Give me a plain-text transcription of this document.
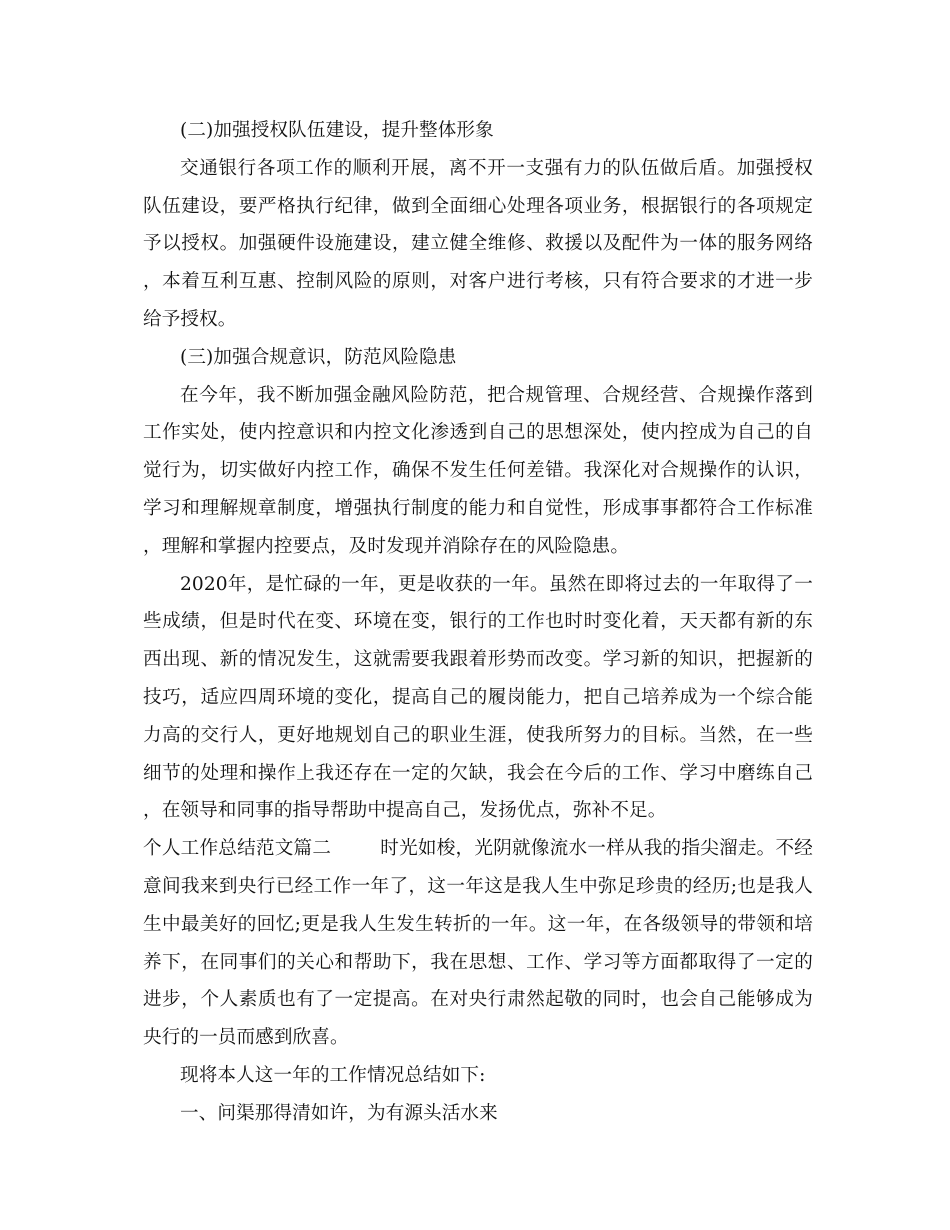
(二)加强授权队伍建设，提升整体形象

交通银行各项工作的顺利开展，离不开一支强有力的队伍做后盾。加强授权队伍建设，要严格执行纪律，做到全面细心处理各项业务，根据银行的各项规定予以授权。加强硬件设施建设，建立健全维修、救援以及配件为一体的服务网络，本着互利互惠、控制风险的原则，对客户进行考核，只有符合要求的才进一步给予授权。

(三)加强合规意识，防范风险隐患

在今年，我不断加强金融风险防范，把合规管理、合规经营、合规操作落到工作实处，使内控意识和内控文化渗透到自己的思想深处，使内控成为自己的自觉行为，切实做好内控工作，确保不发生任何差错。我深化对合规操作的认识，学习和理解规章制度，增强执行制度的能力和自觉性，形成事事都符合工作标准，理解和掌握内控要点，及时发现并消除存在的风险隐患。

2020年，是忙碌的一年，更是收获的一年。虽然在即将过去的一年取得了一些成绩，但是时代在变、环境在变，银行的工作也时时变化着，天天都有新的东西出现、新的情况发生，这就需要我跟着形势而改变。学习新的知识，把握新的技巧，适应四周环境的变化，提高自己的履岗能力，把自己培养成为一个综合能力高的交行人，更好地规划自己的职业生涯，使我所努力的目标。当然，在一些细节的处理和操作上我还存在一定的欠缺，我会在今后的工作、学习中磨练自己，在领导和同事的指导帮助中提高自己，发扬优点，弥补不足。

个人工作总结范文篇二	时光如梭，光阴就像流水一样从我的指尖溜走。不经意间我来到央行已经工作一年了，这一年这是我人生中弥足珍贵的经历;也是我人生中最美好的回忆;更是我人生发生转折的一年。这一年，在各级领导的带领和培养下，在同事们的关心和帮助下，我在思想、工作、学习等方面都取得了一定的进步，个人素质也有了一定提高。在对央行肃然起敬的同时，也会自己能够成为央行的一员而感到欣喜。

现将本人这一年的工作情况总结如下:

一、问渠那得清如许，为有源头活水来
